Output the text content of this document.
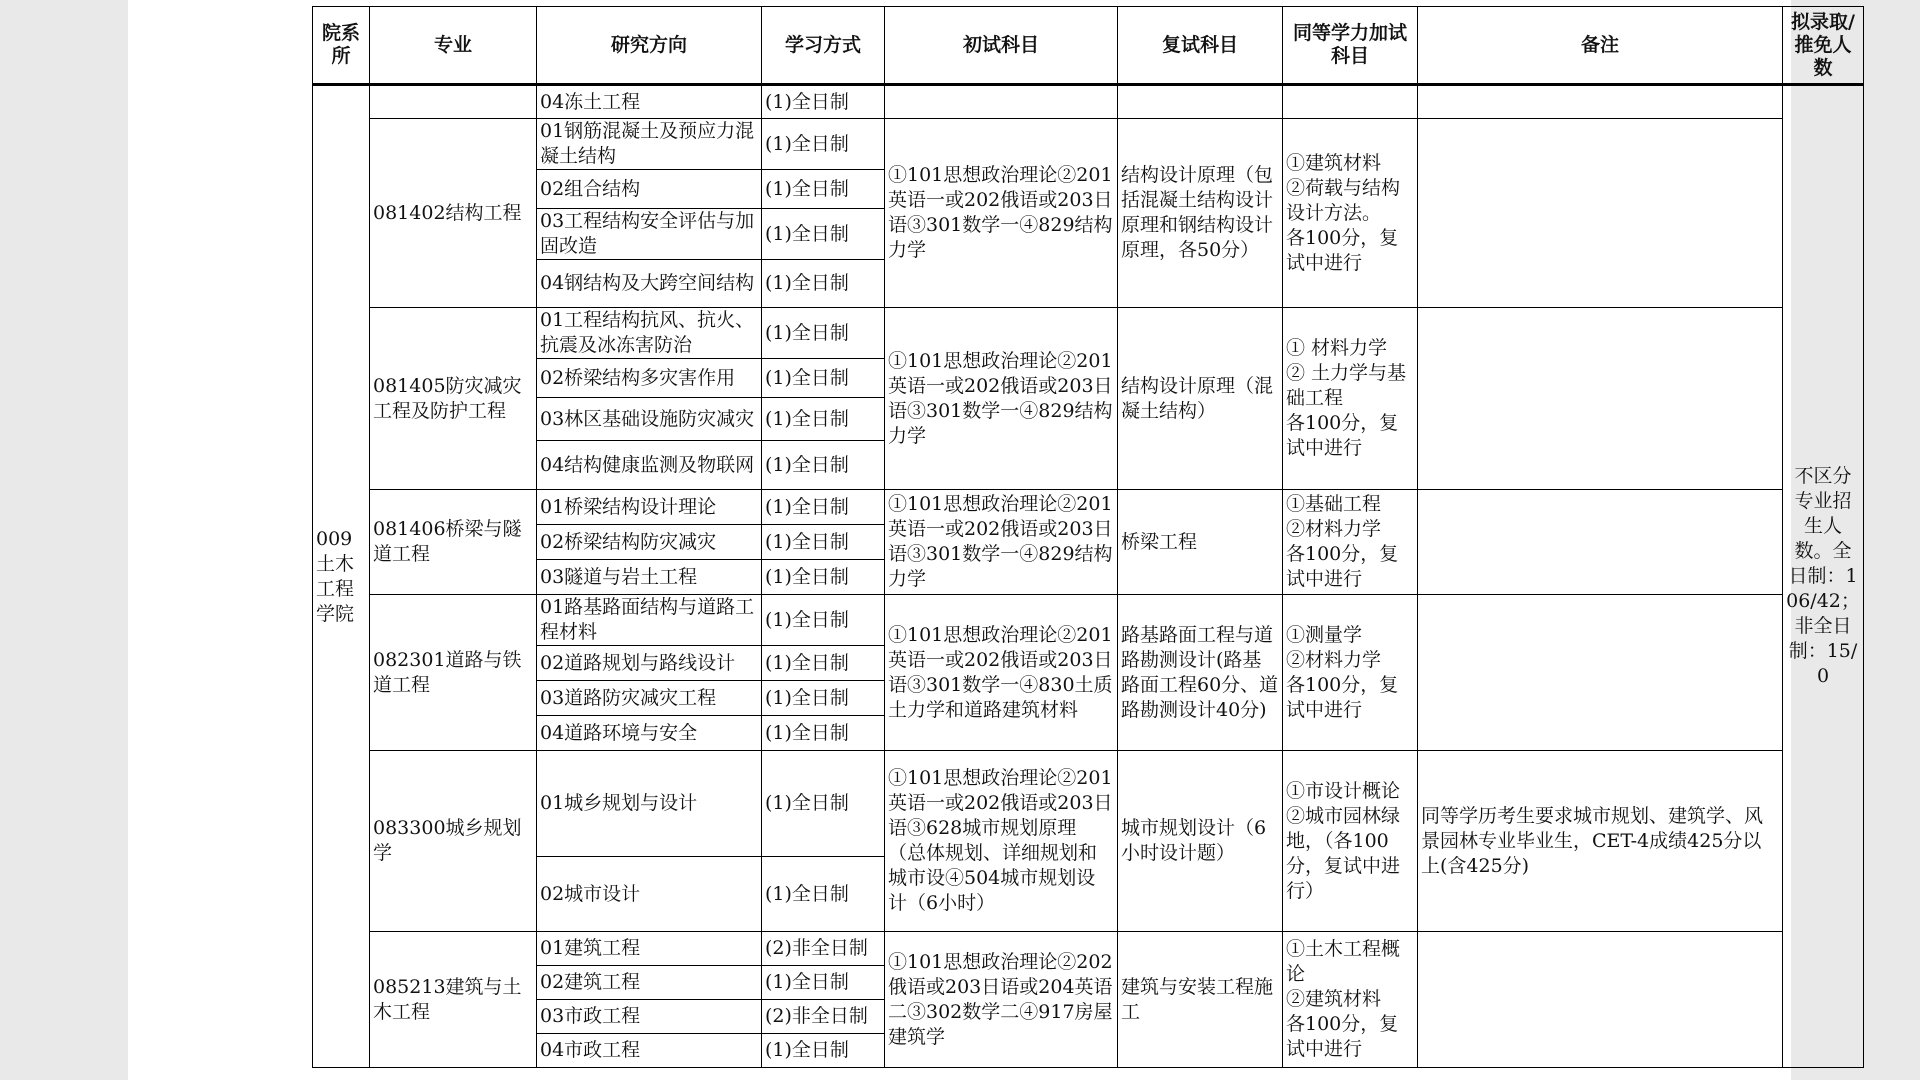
院系所	专业	研究方向	学习方式	初试科目	复试科目	同等学力加试科目	备注	拟录取/推免人数
009土木工程学院		04冻土工程	(1)全日制					不区分专业招生人数。全日制：106/42；非全日制：15/0
	081402结构工程	01钢筋混凝土及预应力混凝土结构	(1)全日制	①101思想政治理论②201英语一或202俄语或203日语③301数学一④829结构力学	结构设计原理（包括混凝土结构设计原理和钢结构设计原理，各50分）	①建筑材料
②荷载与结构设计方法。
各100分，复试中进行		
		02组合结构	(1)全日制					
		03工程结构安全评估与加固改造	(1)全日制					
		04钢结构及大跨空间结构	(1)全日制					
	081405防灾减灾工程及防护工程	01工程结构抗风、抗火、抗震及冰冻害防治	(1)全日制	①101思想政治理论②201英语一或202俄语或203日语③301数学一④829结构力学	结构设计原理（混凝土结构）	① 材料力学
② 土力学与基础工程
各100分，复试中进行		
		02桥梁结构多灾害作用	(1)全日制					
		03林区基础设施防灾减灾	(1)全日制					
		04结构健康监测及物联网	(1)全日制					
	081406桥梁与隧道工程	01桥梁结构设计理论	(1)全日制	①101思想政治理论②201英语一或202俄语或203日语③301数学一④829结构力学	桥梁工程	①基础工程
②材料力学
各100分，复试中进行		
		02桥梁结构防灾减灾	(1)全日制					
		03隧道与岩土工程	(1)全日制					
	082301道路与铁道工程	01路基路面结构与道路工程材料	(1)全日制	①101思想政治理论②201英语一或202俄语或203日语③301数学一④830土质土力学和道路建筑材料	路基路面工程与道路勘测设计(路基路面工程60分、道路勘测设计40分)	①测量学
②材料力学
各100分，复试中进行		
		02道路规划与路线设计	(1)全日制					
		03道路防灾减灾工程	(1)全日制					
		04道路环境与安全	(1)全日制					
	083300城乡规划学	01城乡规划与设计	(1)全日制	①101思想政治理论②201英语一或202俄语或203日语③628城市规划原理（总体规划、详细规划和城市设④504城市规划设计（6小时）	城市规划设计（6小时设计题）	①市设计概论
②城市园林绿地，（各100分，复试中进行）	同等学历考生要求城市规划、建筑学、风景园林专业毕业生，CET-4成绩425分以上(含425分)	
		02城市设计	(1)全日制					
	085213建筑与土木工程	01建筑工程	(2)非全日制	①101思想政治理论②202俄语或203日语或204英语二③302数学二④917房屋建筑学	建筑与安装工程施工	①土木工程概论
②建筑材料
各100分，复试中进行		
		02建筑工程	(1)全日制					
		03市政工程	(2)非全日制					
		04市政工程	(1)全日制					
